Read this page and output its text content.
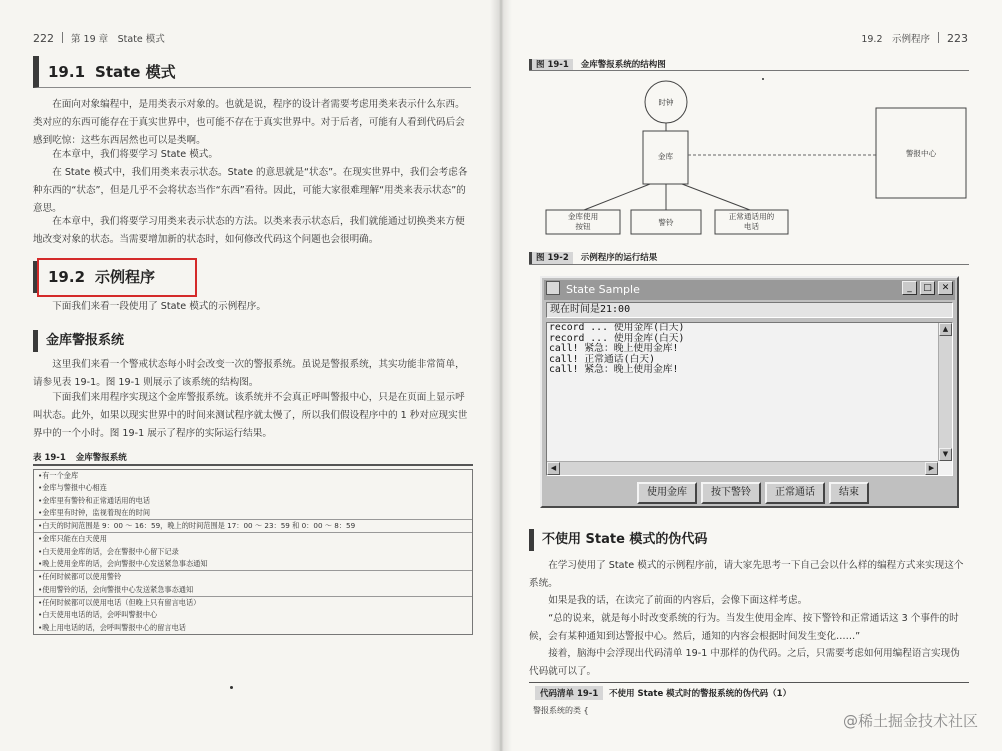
222 第 19 章　State 模式
19.1 State 模式

在面向对象编程中，是用类表示对象的。也就是说，程序的设计者需要考虑用类来表示什么东西。类对应的东西可能存在于真实世界中，也可能不存在于真实世界中。对于后者，可能有人看到代码后会感到吃惊：这些东西居然也可以是类啊。

在本章中，我们将要学习 State 模式。

在 State 模式中，我们用类来表示状态。State 的意思就是“状态”。在现实世界中，我们会考虑各种东西的“状态”，但是几乎不会将状态当作“东西”看待。因此，可能大家很难理解“用类来表示状态”的意思。

在本章中，我们将要学习用类来表示状态的方法。以类来表示状态后，我们就能通过切换类来方便地改变对象的状态。当需要增加新的状态时，如何修改代码这个问题也会很明确。

19.2 示例程序

下面我们来看一段使用了 State 模式的示例程序。

金库警报系统

这里我们来看一个警戒状态每小时会改变一次的警报系统。虽说是警报系统，其实功能非常简单，请参见表 19-1。图 19-1 则展示了该系统的结构图。

下面我们来用程序实现这个金库警报系统。该系统并不会真正呼叫警报中心，只是在页面上显示呼叫状态。此外，如果以现实世界中的时间来测试程序就太慢了，所以我们假设程序中的 1 秒对应现实世界中的一个小时。图 19-1 展示了程序的实际运行结果。

表 19-1 金库警报系统
•有一个金库
•金库与警报中心相连
•金库里有警铃和正常通话用的电话
•金库里有时钟，监视着现在的时间
•白天的时间范围是 9：00 ～ 16：59，晚上的时间范围是 17：00 ～ 23：59 和 0：00 ～ 8：59
•金库只能在白天使用
•白天使用金库的话，会在警报中心留下记录
•晚上使用金库的话，会向警报中心发送紧急事态通知
•任何时候都可以使用警铃
•使用警铃的话，会向警报中心发送紧急事态通知
•任何时候都可以使用电话（但晚上只有留言电话）
•白天使用电话的话，会呼叫警报中心
•晚上用电话的话，会呼叫警报中心的留言电话
19.2　示例程序 223
图 19-1 金库警报系统的结构图
时钟
金库	警报中心
金库使用
按钮	警铃
正常通话用的
电话
图 19-2 示例程序的运行结果
State Sample	_	□	✕
现在时间是21:00
record ... 使用金库(白天)
record ... 使用金库(白天)
call! 紧急：晚上使用金库!
call! 正常通话(白天)
call! 紧急：晚上使用金库!
▲
▼
◀	▶
使用金库	按下警铃	正常通话	结束
不使用 State 模式的伪代码

在学习使用了 State 模式的示例程序前，请大家先思考一下自己会以什么样的编程方式来实现这个系统。

如果是我的话，在读完了前面的内容后，会像下面这样考虑。

“总的说来，就是每小时改变系统的行为。当发生使用金库、按下警铃和正常通话这 3 个事件的时候，会有某种通知到达警报中心。然后，通知的内容会根据时间发生变化……”

接着，脑海中会浮现出代码清单 19-1 中那样的伪代码。之后，只需要考虑如何用编程语言实现伪代码就可以了。

代码清单 19-1	不使用 State 模式时的警报系统的伪代码（1）
警报系统的类 {
@稀土掘金技术社区
